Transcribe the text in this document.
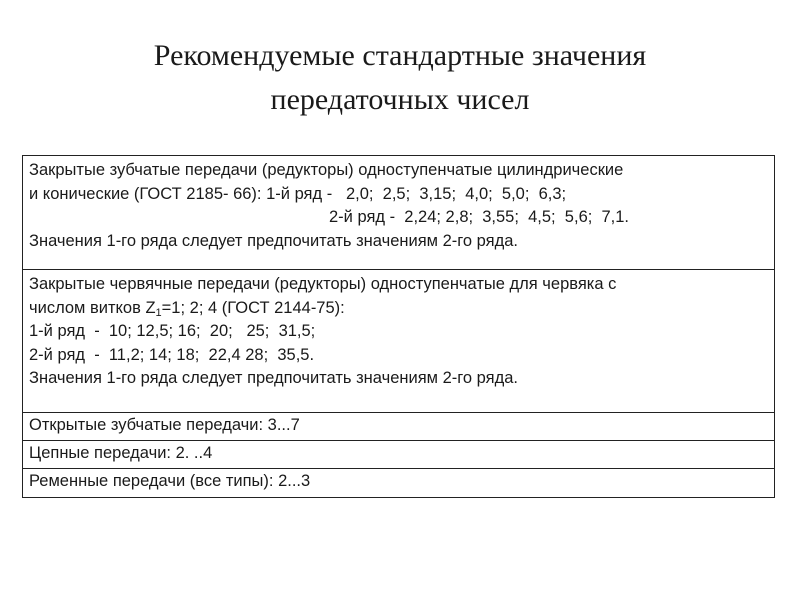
Рекомендуемые стандартные значения
передаточных чисел
Закрытые зубчатые передачи (редукторы) одноступенчатые цилиндрические
и конические (ГОСТ 2185- 66): 1-й ряд -   2,0;  2,5;  3,15;  4,0;  5,0;  6,3;
2-й ряд -  2,24; 2,8;  3,55;  4,5;  5,6;  7,1.
Значения 1-го ряда следует предпочитать значениям 2-го ряда.
Закрытые червячные передачи (редукторы) одноступенчатые для червяка с
числом витков $Z_1=1$; 2; 4 (ГОСТ 2144-75):
1-й ряд  -  10; 12,5; 16;  20;   25;  31,5;
2-й ряд  -  11,2; 14; 18;  22,4 28;  35,5.
Значения 1-го ряда следует предпочитать значениям 2-го ряда.
Открытые зубчатые передачи: 3...7
Цепные передачи: 2. ..4
Ременные передачи (все типы): 2...3
